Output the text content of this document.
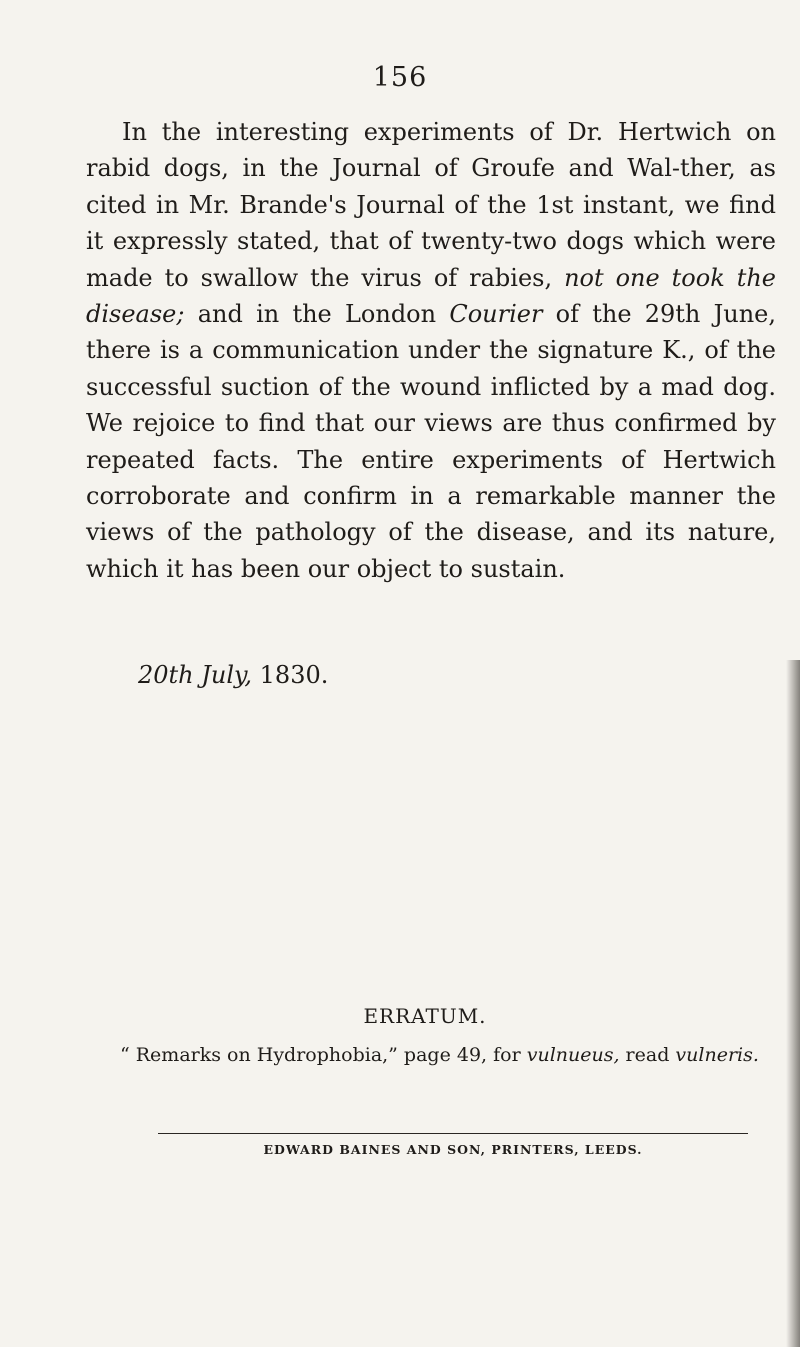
156

In the interesting experiments of Dr. Hertwich on rabid dogs, in the Journal of Groufe and Wal-ther, as cited in Mr. Brande's Journal of the 1st instant, we find it expressly stated, that of twenty-two dogs which were made to swallow the virus of rabies, not one took the disease; and in the London Courier of the 29th June, there is a communication under the signature K., of the successful suction of the wound inflicted by a mad dog. We rejoice to find that our views are thus confirmed by repeated facts. The entire experiments of Hertwich corroborate and confirm in a remarkable manner the views of the pathology of the disease, and its nature, which it has been our object to sustain.

20th July, 1830.
ERRATUM.
“ Remarks on Hydrophobia,” page 49, for vulnueus, read vulneris.
EDWARD BAINES AND SON, PRINTERS, LEEDS.
